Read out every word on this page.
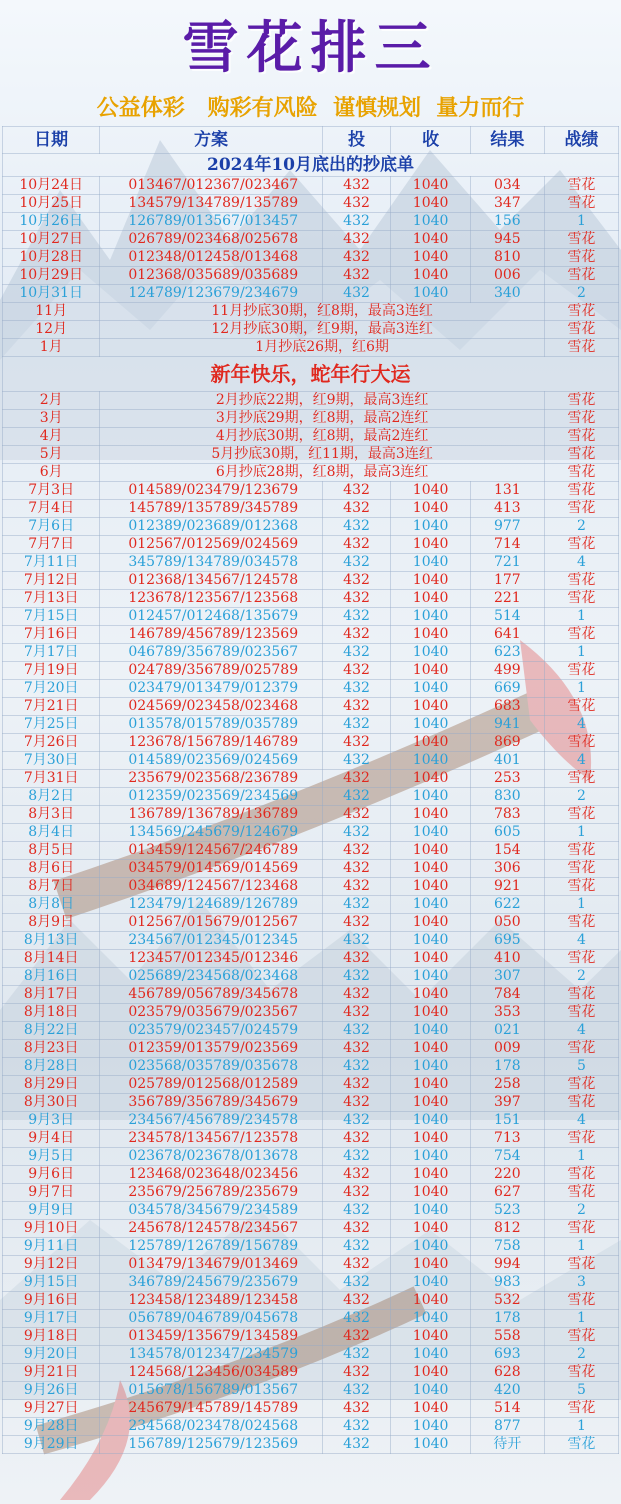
雪花排三
公益体彩   购彩有风险  谨慎规划  量力而行
日期	方案	投	收	结果	战绩
2024年10月底出的抄底单					
10月24日	013467/012367/023467	432	1040	034	雪花
10月25日	134579/134789/135789	432	1040	347	雪花
10月26日	126789/013567/013457	432	1040	156	1
10月27日	026789/023468/025678	432	1040	945	雪花
10月28日	012348/012458/013468	432	1040	810	雪花
10月29日	012368/035689/035689	432	1040	006	雪花
10月31日	124789/123679/234679	432	1040	340	2
11月	11月抄底30期，红8期，最高3连红				雪花
12月	12月抄底30期，红9期，最高3连红				雪花
1月	1月抄底26期，红6期				雪花
新年快乐，蛇年行大运					
2月	2月抄底22期，红9期，最高3连红				雪花
3月	3月抄底29期，红8期，最高2连红				雪花
4月	4月抄底30期，红8期，最高2连红				雪花
5月	5月抄底30期，红11期，最高3连红				雪花
6月	6月抄底28期，红8期，最高3连红				雪花
7月3日	014589/023479/123679	432	1040	131	雪花
7月4日	145789/135789/345789	432	1040	413	雪花
7月6日	012389/023689/012368	432	1040	977	2
7月7日	012567/012569/024569	432	1040	714	雪花
7月11日	345789/134789/034578	432	1040	721	4
7月12日	012368/134567/124578	432	1040	177	雪花
7月13日	123678/123567/123568	432	1040	221	雪花
7月15日	012457/012468/135679	432	1040	514	1
7月16日	146789/456789/123569	432	1040	641	雪花
7月17日	046789/356789/023567	432	1040	623	1
7月19日	024789/356789/025789	432	1040	499	雪花
7月20日	023479/013479/012379	432	1040	669	1
7月21日	024569/023458/023468	432	1040	683	雪花
7月25日	013578/015789/035789	432	1040	941	4
7月26日	123678/156789/146789	432	1040	869	雪花
7月30日	014589/023569/024569	432	1040	401	4
7月31日	235679/023568/236789	432	1040	253	雪花
8月2日	012359/023569/234569	432	1040	830	2
8月3日	136789/136789/136789	432	1040	783	雪花
8月4日	134569/245679/124679	432	1040	605	1
8月5日	013459/124567/246789	432	1040	154	雪花
8月6日	034579/014569/014569	432	1040	306	雪花
8月7日	034689/124567/123468	432	1040	921	雪花
8月8日	123479/124689/126789	432	1040	622	1
8月9日	012567/015679/012567	432	1040	050	雪花
8月13日	234567/012345/012345	432	1040	695	4
8月14日	123457/012345/012346	432	1040	410	雪花
8月16日	025689/234568/023468	432	1040	307	2
8月17日	456789/056789/345678	432	1040	784	雪花
8月18日	023579/035679/023567	432	1040	353	雪花
8月22日	023579/023457/024579	432	1040	021	4
8月23日	012359/013579/023569	432	1040	009	雪花
8月28日	023568/035789/035678	432	1040	178	5
8月29日	025789/012568/012589	432	1040	258	雪花
8月30日	356789/356789/345679	432	1040	397	雪花
9月3日	234567/456789/234578	432	1040	151	4
9月4日	234578/134567/123578	432	1040	713	雪花
9月5日	023678/023678/013678	432	1040	754	1
9月6日	123468/023648/023456	432	1040	220	雪花
9月7日	235679/256789/235679	432	1040	627	雪花
9月9日	034578/345679/234589	432	1040	523	2
9月10日	245678/124578/234567	432	1040	812	雪花
9月11日	125789/126789/156789	432	1040	758	1
9月12日	013479/134679/013469	432	1040	994	雪花
9月15日	346789/245679/235679	432	1040	983	3
9月16日	123458/123489/123458	432	1040	532	雪花
9月17日	056789/046789/045678	432	1040	178	1
9月18日	013459/135679/134589	432	1040	558	雪花
9月20日	134578/012347/234579	432	1040	693	2
9月21日	124568/123456/034589	432	1040	628	雪花
9月26日	015678/156789/013567	432	1040	420	5
9月27日	245679/145789/145789	432	1040	514	雪花
9月28日	234568/023478/024568	432	1040	877	1
9月29日	156789/125679/123569	432	1040	待开	雪花
